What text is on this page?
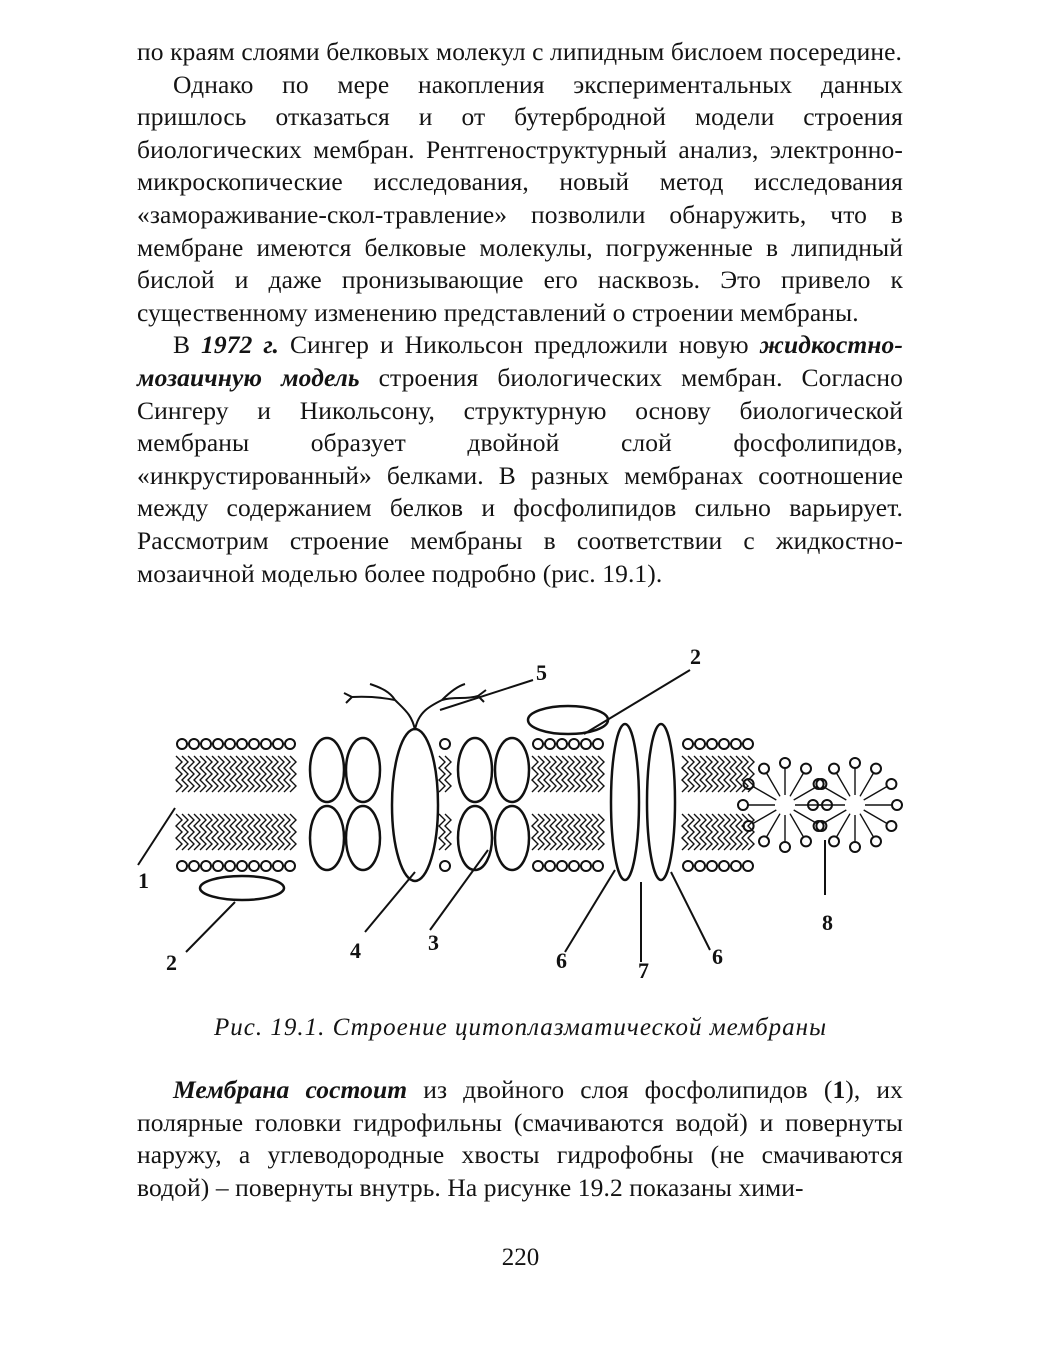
по краям слоями белковых молекул с липидным бислоем посередине.

Однако по мере накопления экспериментальных данных пришлось отказаться и от бутербродной модели строения биологических мембран. Рентгеноструктурный анализ, электронно-микроскопические исследования, новый метод исследования «замораживание-скол-травление» позволили обнаружить, что в мембране имеются белковые молекулы, погруженные в липидный бислой и даже пронизывающие его насквозь. Это привело к существенному изменению представлений о строении мембраны.

В 1972 г. Сингер и Никольсон предложили новую жидкостно-мозаичную модель строения биологических мембран. Согласно Сингеру и Никольсону, структурную основу биологической мембраны образует двойной слой фосфолипидов, «инкрустированный» белками. В разных мембранах соотношение между содержанием белков и фосфолипидов сильно варьирует. Рассмотрим строение мембраны в соответствии с жидкостно-мозаичной моделью более подробно (рис. 19.1).

1
2
2
3
4
5
6	6
7
8
Рис. 19.1. Строение цитоплазматической мембраны

Мембрана состоит из двойного слоя фосфолипидов (1), их полярные головки гидрофильны (смачиваются водой) и повернуты наружу, а углеводородные хвосты гидрофобны (не смачиваются водой) – повернуты внутрь. На рисунке 19.2 показаны хими-

220
